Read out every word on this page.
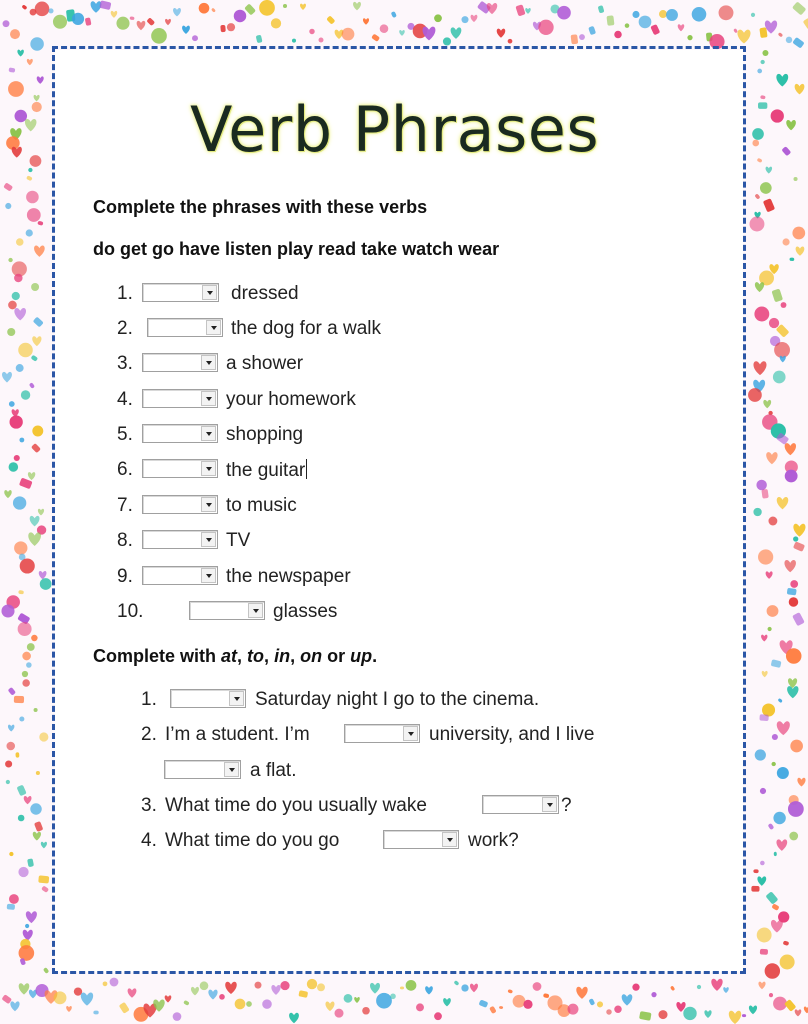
Verb Phrases
Complete the phrases with these verbs
do get go have listen play read take watch wear
1.	dressed
2.	the dog for a walk
3.	a shower
4.	your homework
5.	shopping
6.	the guitar
7.	to music
8.	TV
9.	the newspaper
10.	glasses
Complete with at, to, in, on or up.
1.	Saturday night I go to the cinema.
2. I’m a student. I’m	university, and I live
a flat.
3. What time do you usually wake	?
4. What time do you go	work?
